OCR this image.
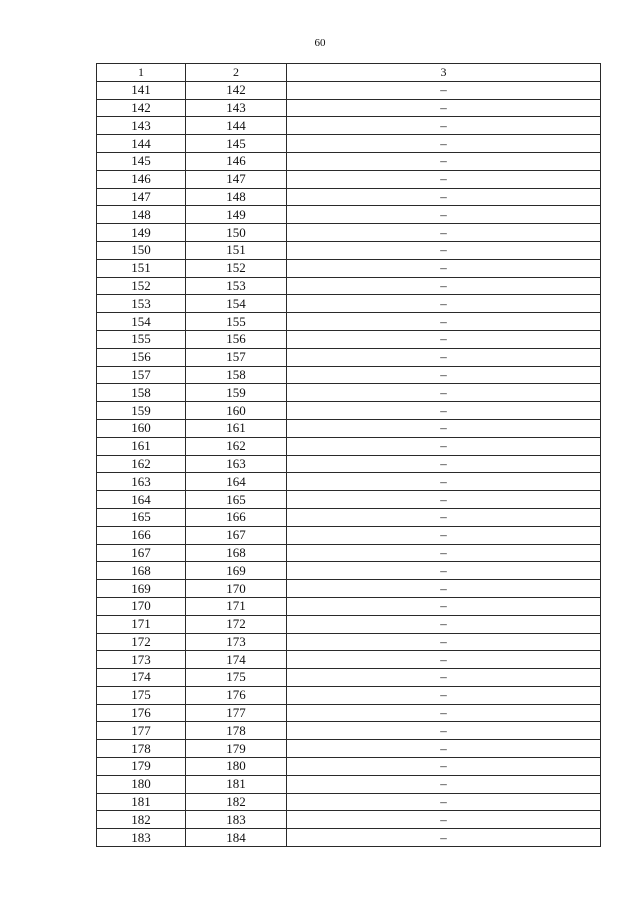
60
1	2	3
141	142	–
142	143	–
143	144	–
144	145	–
145	146	–
146	147	–
147	148	–
148	149	–
149	150	–
150	151	–
151	152	–
152	153	–
153	154	–
154	155	–
155	156	–
156	157	–
157	158	–
158	159	–
159	160	–
160	161	–
161	162	–
162	163	–
163	164	–
164	165	–
165	166	–
166	167	–
167	168	–
168	169	–
169	170	–
170	171	–
171	172	–
172	173	–
173	174	–
174	175	–
175	176	–
176	177	–
177	178	–
178	179	–
179	180	–
180	181	–
181	182	–
182	183	–
183	184	–
